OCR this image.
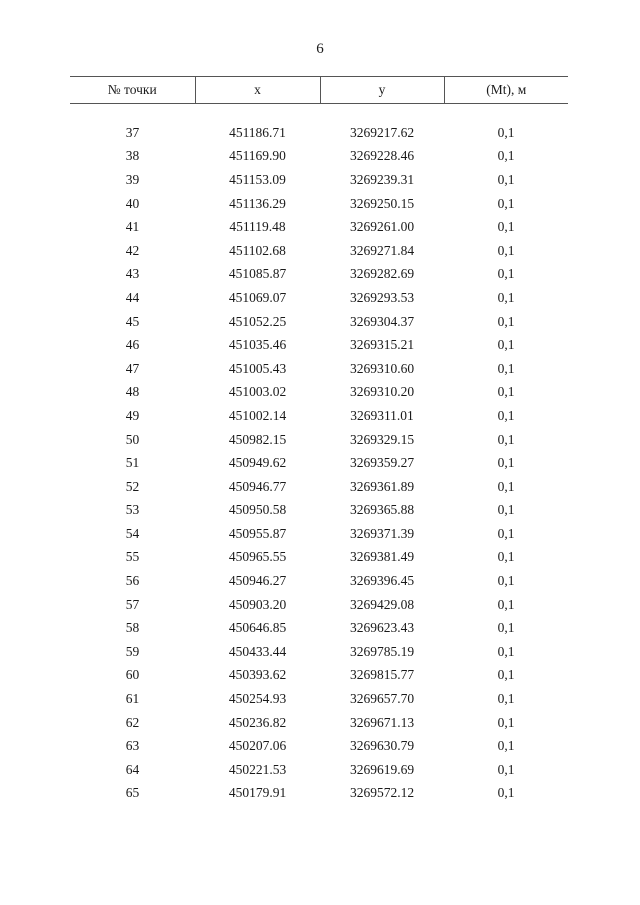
6
№ точки	x	y	(Mt), м

37	451186.71	3269217.62	0,1
38	451169.90	3269228.46	0,1
39	451153.09	3269239.31	0,1
40	451136.29	3269250.15	0,1
41	451119.48	3269261.00	0,1
42	451102.68	3269271.84	0,1
43	451085.87	3269282.69	0,1
44	451069.07	3269293.53	0,1
45	451052.25	3269304.37	0,1
46	451035.46	3269315.21	0,1
47	451005.43	3269310.60	0,1
48	451003.02	3269310.20	0,1
49	451002.14	3269311.01	0,1
50	450982.15	3269329.15	0,1
51	450949.62	3269359.27	0,1
52	450946.77	3269361.89	0,1
53	450950.58	3269365.88	0,1
54	450955.87	3269371.39	0,1
55	450965.55	3269381.49	0,1
56	450946.27	3269396.45	0,1
57	450903.20	3269429.08	0,1
58	450646.85	3269623.43	0,1
59	450433.44	3269785.19	0,1
60	450393.62	3269815.77	0,1
61	450254.93	3269657.70	0,1
62	450236.82	3269671.13	0,1
63	450207.06	3269630.79	0,1
64	450221.53	3269619.69	0,1
65	450179.91	3269572.12	0,1
